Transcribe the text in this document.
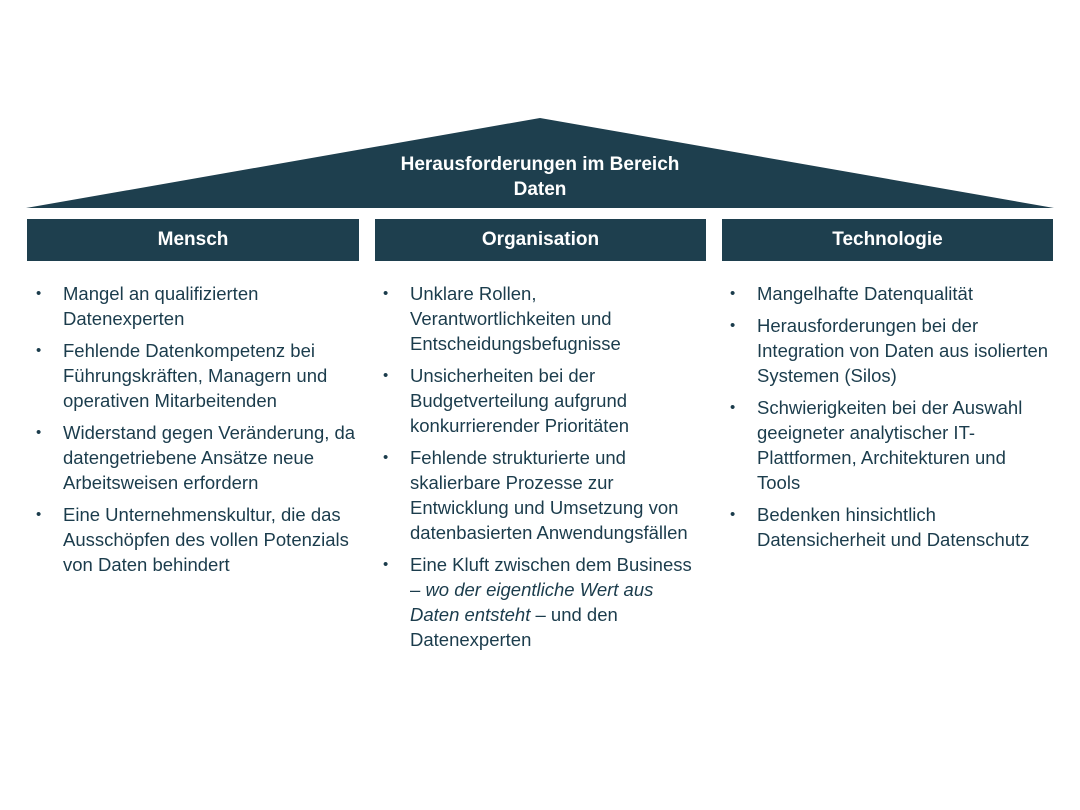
Herausforderungen im Bereich
Daten
Mensch	Organisation	Technologie
• Mangel an qualifizierten Datenexperten
• Fehlende Datenkompetenz bei Führungskräften, Managern und operativen Mitarbeitenden
• Widerstand gegen Veränderung, da datengetriebene Ansätze neue Arbeitsweisen erfordern
• Eine Unternehmenskultur, die das Ausschöpfen des vollen Potenzials von Daten behindert
• Unklare Rollen, Verantwortlichkeiten und Entscheidungsbefugnisse
• Unsicherheiten bei der Budgetverteilung aufgrund konkurrierender Prioritäten
• Fehlende strukturierte und skalierbare Prozesse zur Entwicklung und Umsetzung von datenbasierten Anwendungsfällen
• Eine Kluft zwischen dem Business – wo der eigentliche Wert aus Daten entsteht – und den Datenexperten
• Mangelhafte Datenqualität
• Herausforderungen bei der Integration von Daten aus isolierten Systemen (Silos)
• Schwierigkeiten bei der Auswahl geeigneter analytischer IT-Plattformen, Architekturen und Tools
• Bedenken hinsichtlich Datensicherheit und Datenschutz
